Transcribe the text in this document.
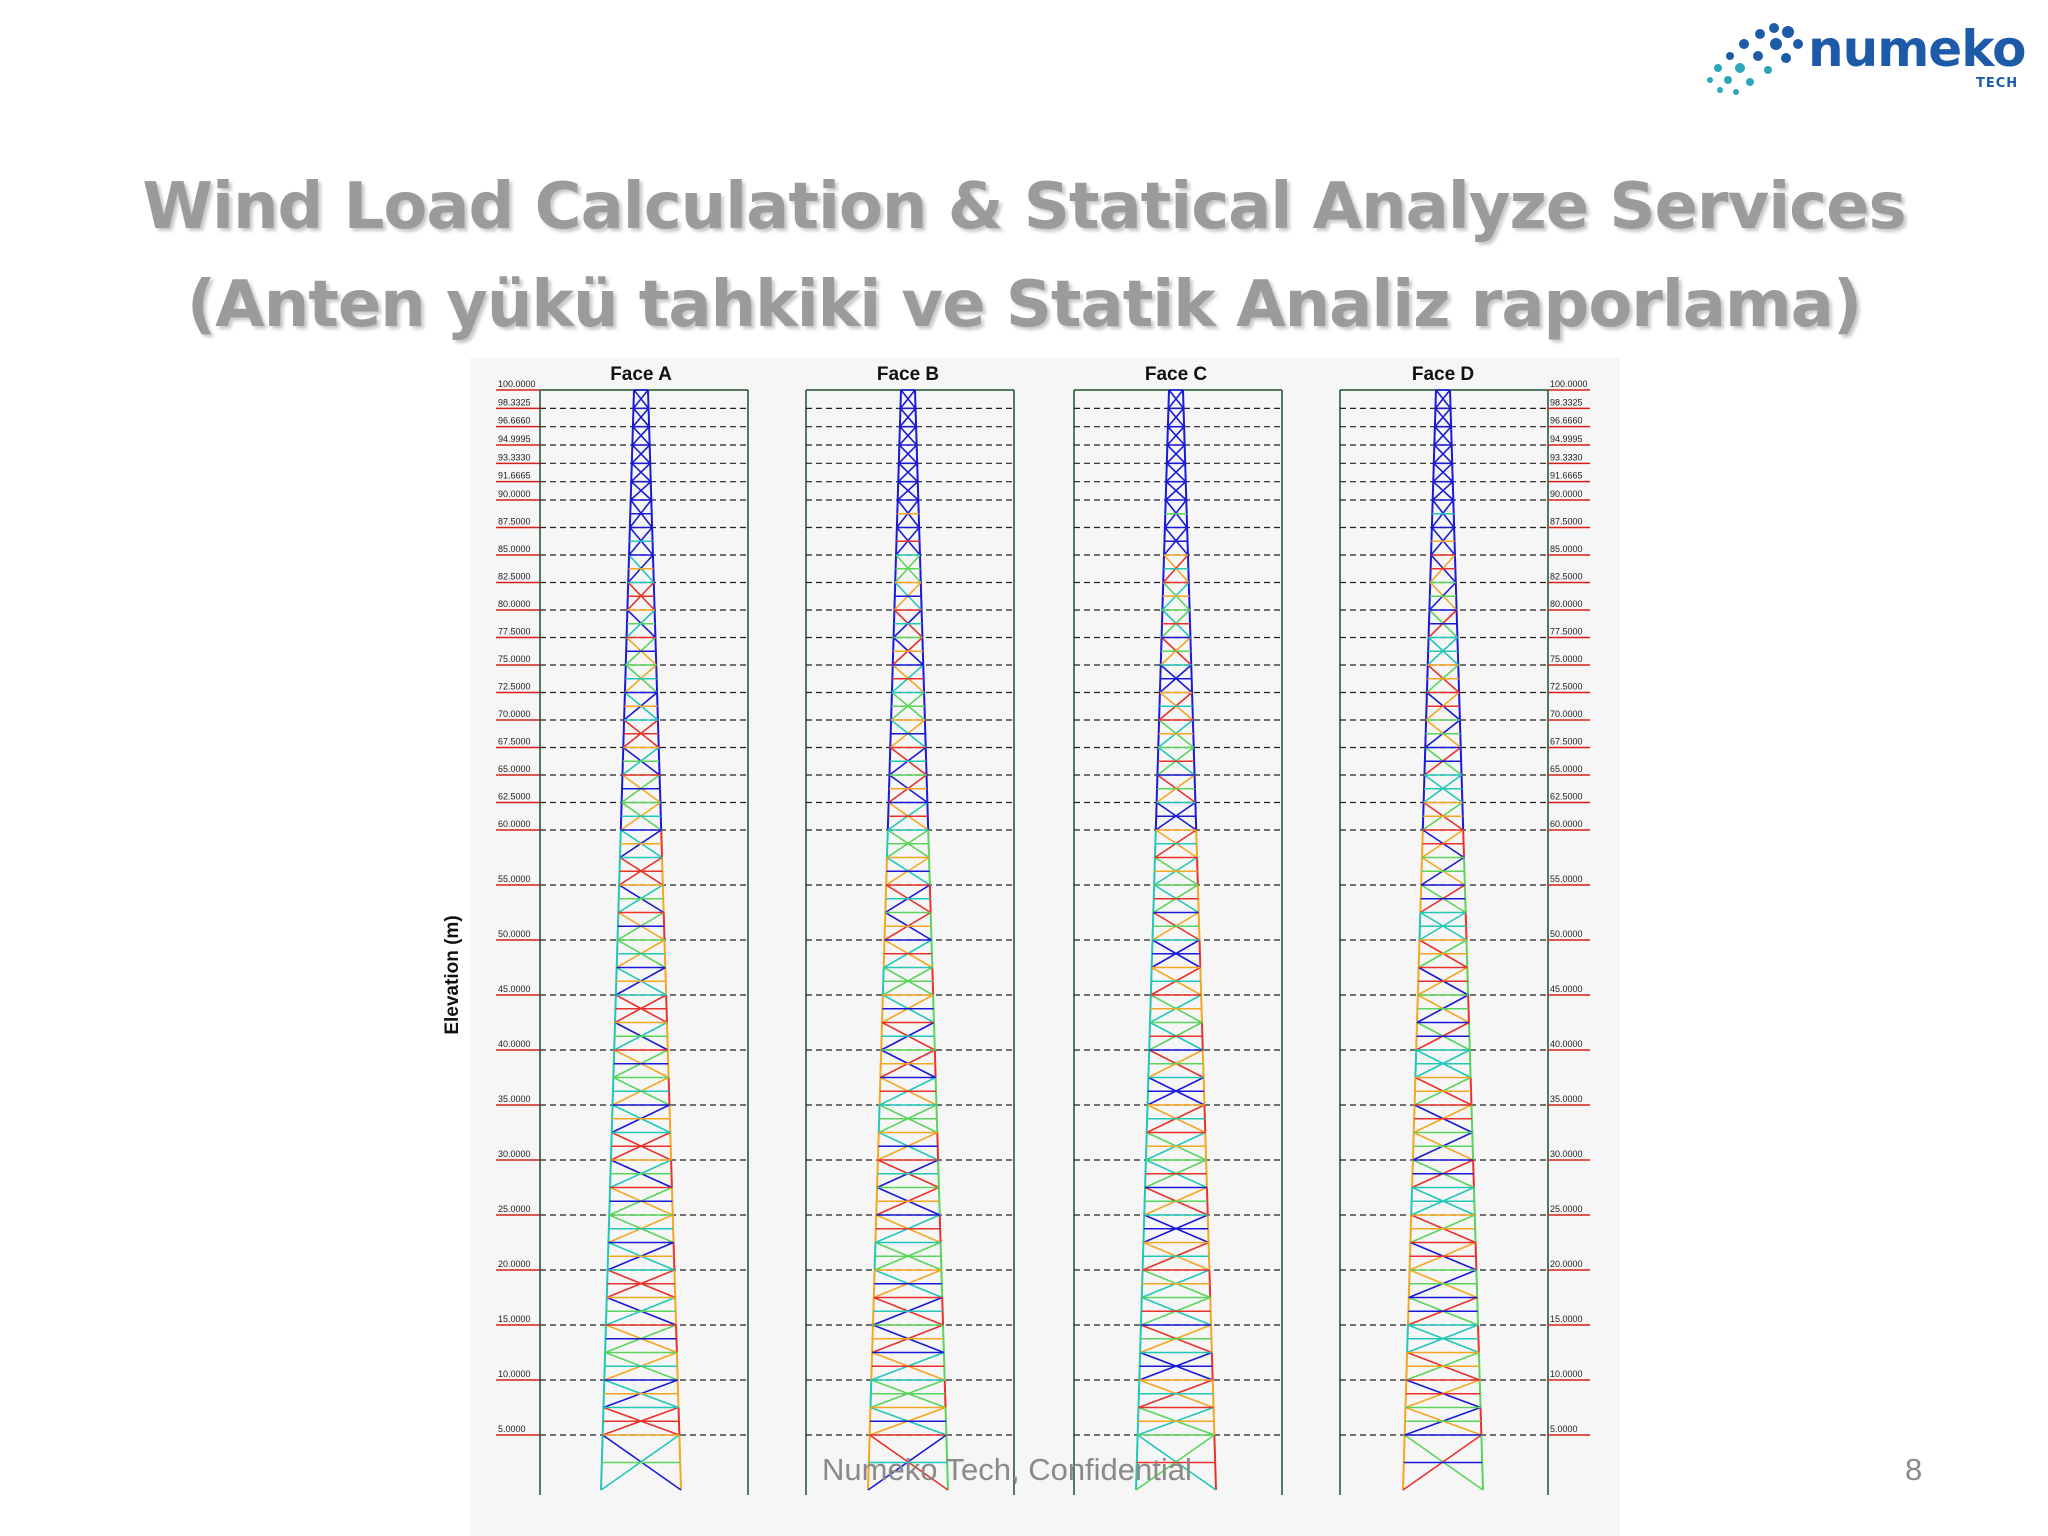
numeko
TECH
Wind Load Calculation & Statical Analyze Services
(Anten yükü tahkiki ve Statik Analiz raporlama)
Face A	Face B	Face C	Face D
100.0000	100.0000
98.3325	98.3325
96.6660	96.6660
94.9995	94.9995
93.3330	93.3330
91.6665	91.6665
90.0000	90.0000
87.5000	87.5000
85.0000	85.0000
82.5000	82.5000
80.0000	80.0000
77.5000	77.5000
75.0000	75.0000
72.5000	72.5000
70.0000	70.0000
67.5000	67.5000
65.0000	65.0000
62.5000	62.5000
60.0000	60.0000
55.0000	55.0000
50.0000	50.0000
45.0000	45.0000
40.0000	40.0000
35.0000	35.0000
30.0000	30.0000
25.0000	25.0000
20.0000	20.0000
15.0000	15.0000
10.0000	10.0000
5.0000	5.0000
Elevation (m)
Numeko Tech, Confidential	8
